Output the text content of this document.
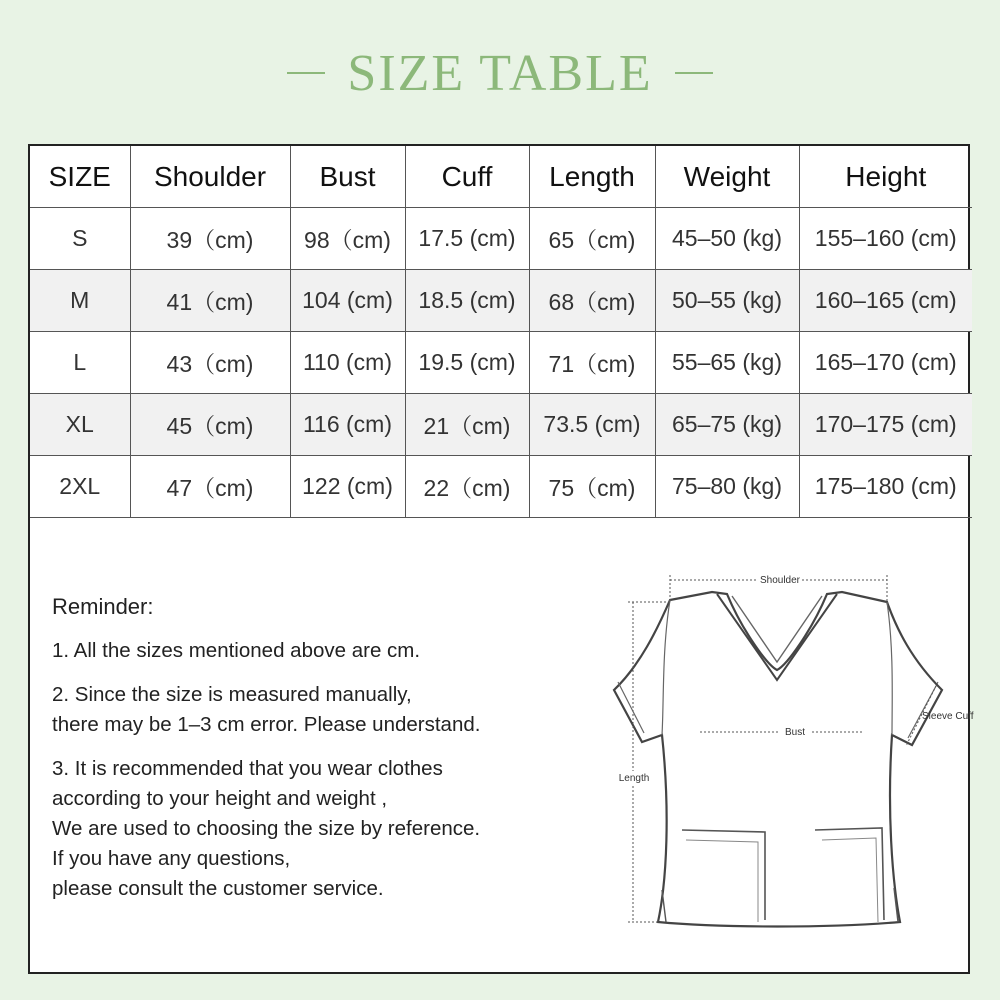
SIZE TABLE
SIZE	Shoulder	Bust	Cuff	Length	Weight	Height
S	39（cm)	98（cm)	17.5 (cm)	65（cm)	45–50 (kg)	155–160 (cm)
M	41（cm)	104 (cm)	18.5 (cm)	68（cm)	50–55 (kg)	160–165 (cm)
L	43（cm)	110 (cm)	19.5 (cm)	71（cm)	55–65 (kg)	165–170 (cm)
XL	45（cm)	116 (cm)	21（cm)	73.5 (cm)	65–75 (kg)	170–175 (cm)
2XL	47（cm)	122 (cm)	22（cm)	75（cm)	75–80 (kg)	175–180 (cm)
Reminder:

1. All the sizes mentioned above are cm.

2. Since the size is measured manually,
there may be 1–3 cm error. Please understand.

3. It is recommended that you wear clothes
according to your height and weight ,
We are used to choosing the size by reference.
If you have any questions,
please consult the customer service.

Shoulder
Bust
Sleeve Cuff
Length
